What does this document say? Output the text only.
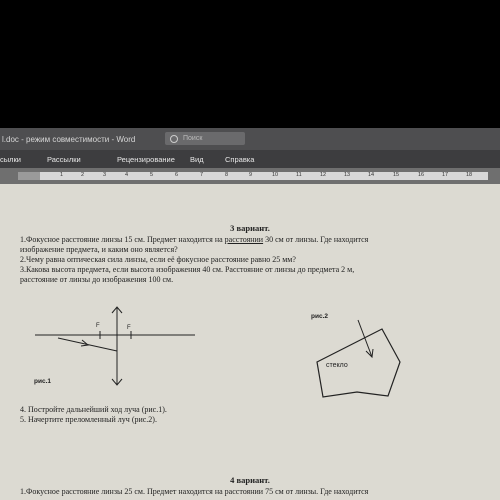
l.doc - режим совместимости - Word	Поиск
сылки	Рассылки	Рецензирование Вид	Справка
1	2	3	4	5	6	7	8	9	10	11	12	13	14	15	16	17	18
3 вариант.
1.Фокусное расстояние линзы 15 см. Предмет находится на расстоянии 30 см от линзы. Где находится
изображение предмета, и каким оно является?
2.Чему равна оптическая сила линзы, если её фокусное расстояние равно 25 мм?
3.Какова высота предмета, если высота изображения 40 см. Расстояние от линзы до предмета 2 м,
расстояние от линзы до изображения 100 см.
F	F
рис.1
рис.2
стекло
4. Постройте дальнейший ход луча (рис.1).
5. Начертите преломленный луч (рис.2).
4 вариант.
1.Фокусное расстояние линзы 25 см. Предмет находится на расстоянии 75 см от линзы. Где находится
